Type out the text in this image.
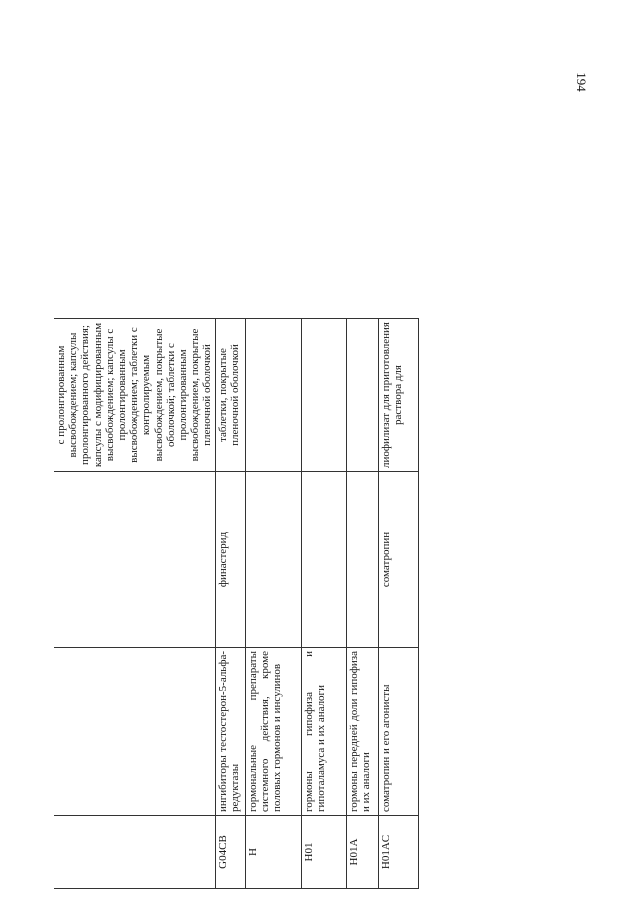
194
			с пролонгированным высвобождением; капсулы пролонгированного действия; капсулы с модифицированным высвобождением; капсулы с пролонгированным высвобождением; таблетки с контролируемым высвобождением, покрытые оболочкой; таблетки с пролонгированным высвобождением, покрытые пленочной оболочкой
G04CB	ингибиторы тестостерон-5-альфа-редуктазы	финастерид	таблетки, покрытые пленочной оболочкой
H	гормональные препараты системного действия, кроме половых гормонов и инсулинов		
H01	гормоны гипофиза и гипоталамуса и их аналоги		
H01A	гормоны передней доли гипофиза и их аналоги		
H01AC	соматропин и его агонисты	соматропин	лиофилизат для приготовления раствора для
